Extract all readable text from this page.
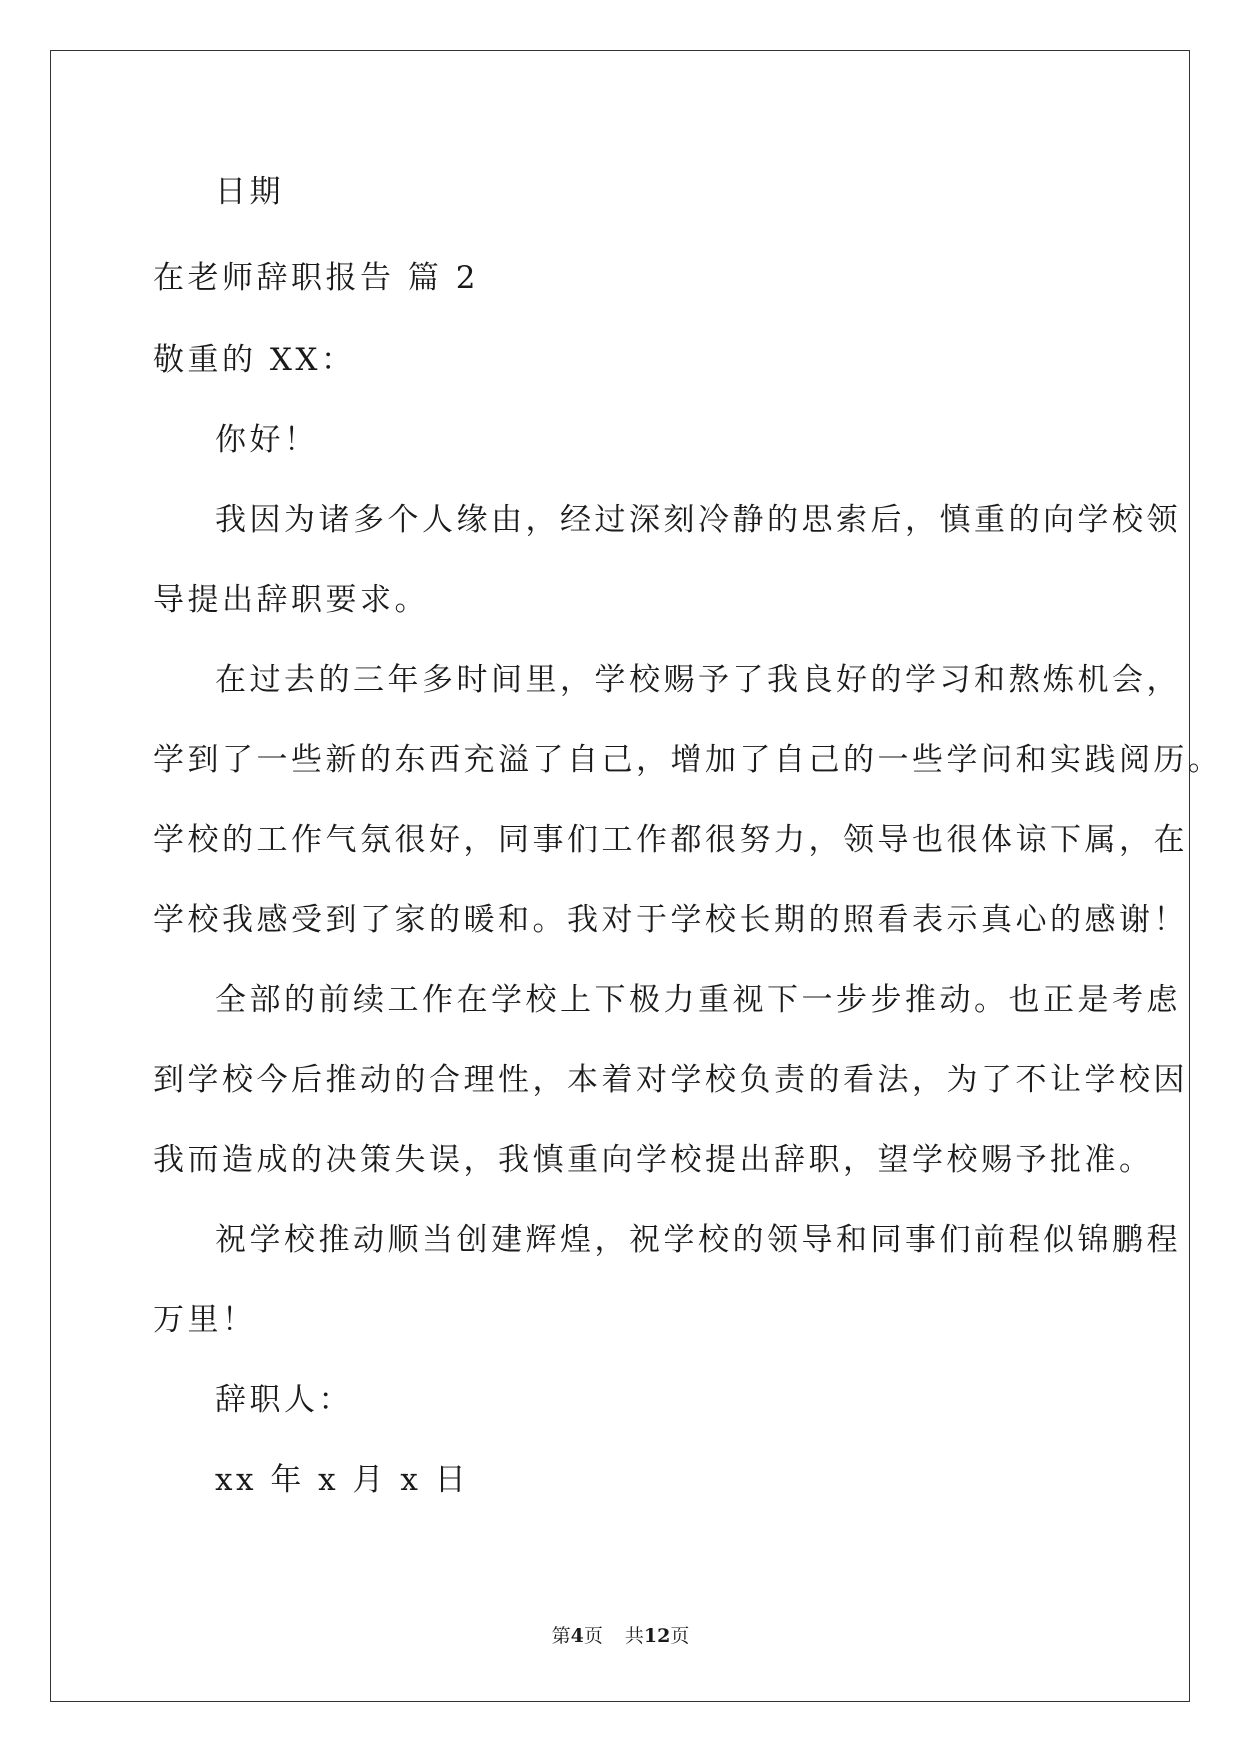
日期
在老师辞职报告 篇 2
敬重的 XX：
你好！
我因为诸多个人缘由，经过深刻冷静的思索后，慎重的向学校领
导提出辞职要求。
在过去的三年多时间里，学校赐予了我良好的学习和熬炼机会，
学到了一些新的东西充溢了自己，增加了自己的一些学问和实践阅历。
学校的工作气氛很好，同事们工作都很努力，领导也很体谅下属，在
学校我感受到了家的暖和。我对于学校长期的照看表示真心的感谢！
全部的前续工作在学校上下极力重视下一步步推动。也正是考虑
到学校今后推动的合理性，本着对学校负责的看法，为了不让学校因
我而造成的决策失误，我慎重向学校提出辞职，望学校赐予批准。
祝学校推动顺当创建辉煌，祝学校的领导和同事们前程似锦鹏程
万里！
辞职人：
xx 年 x 月 x 日
第4页 共12页
